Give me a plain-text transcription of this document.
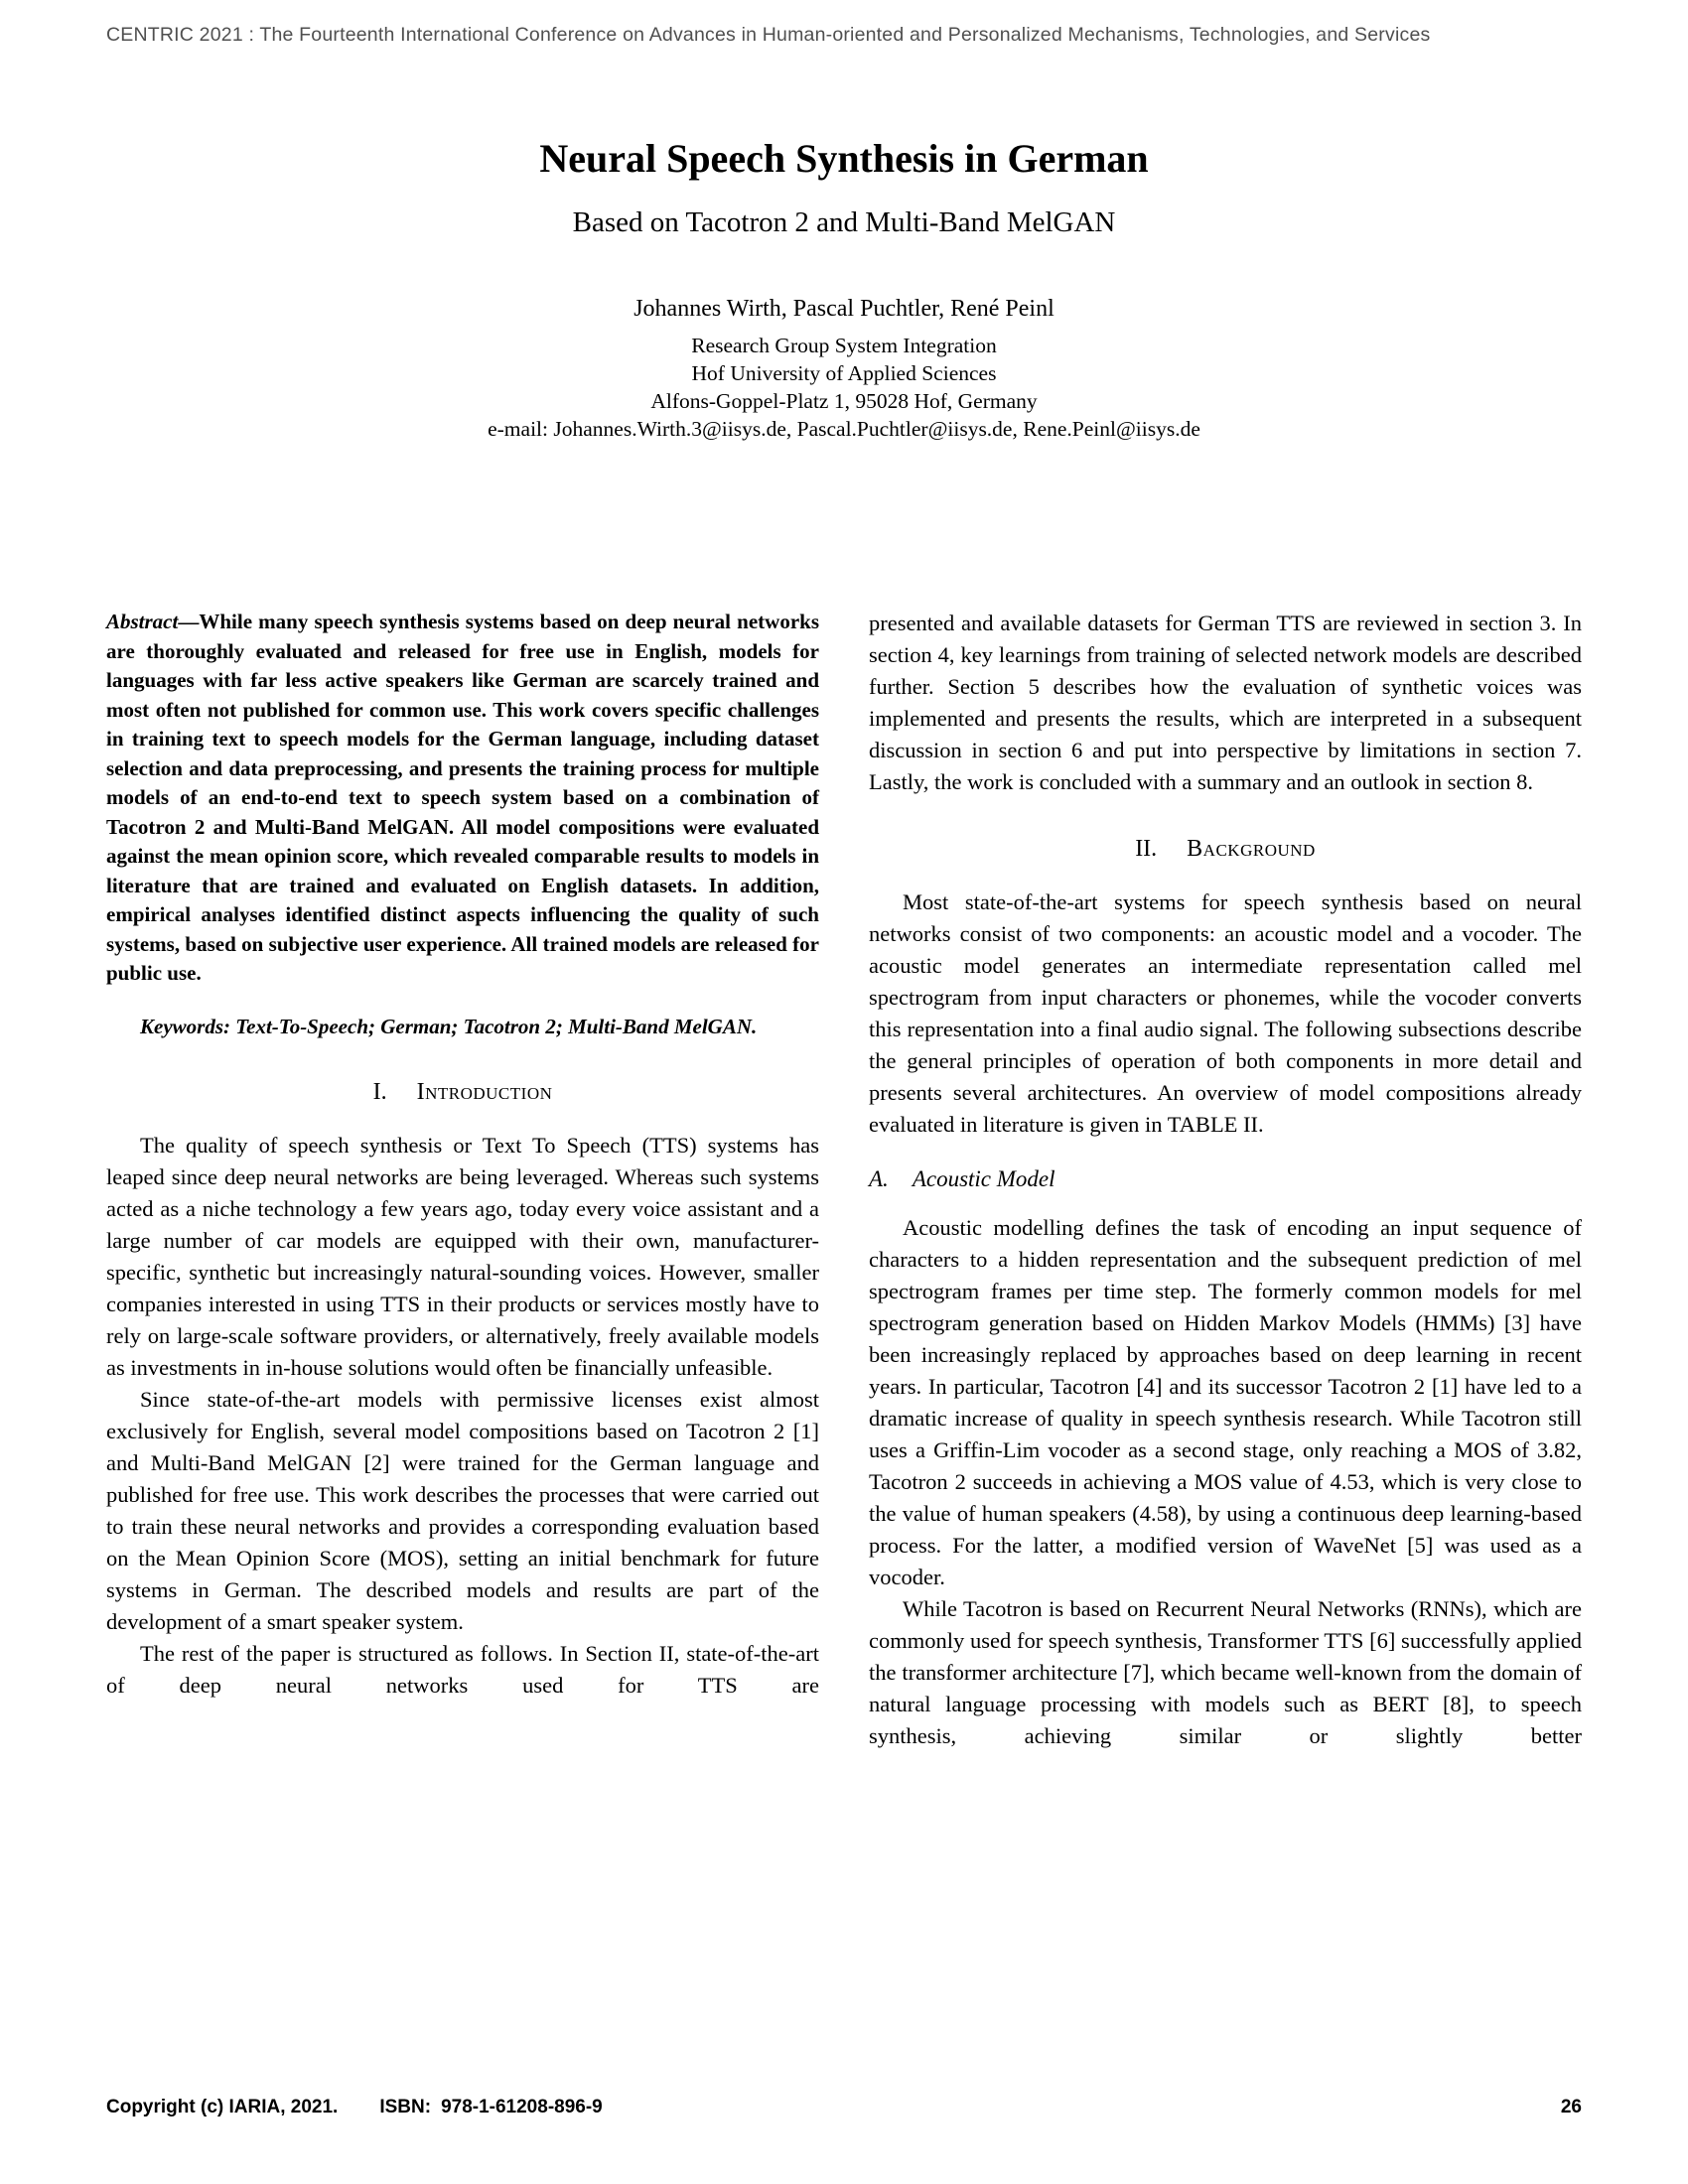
CENTRIC 2021 : The Fourteenth International Conference on Advances in Human-oriented and Personalized Mechanisms, Technologies, and Services
Neural Speech Synthesis in German
Based on Tacotron 2 and Multi-Band MelGAN
Johannes Wirth, Pascal Puchtler, René Peinl
Research Group System Integration
Hof University of Applied Sciences
Alfons-Goppel-Platz 1, 95028 Hof, Germany
e-mail: Johannes.Wirth.3@iisys.de, Pascal.Puchtler@iisys.de, Rene.Peinl@iisys.de

Abstract—While many speech synthesis systems based on deep neural networks are thoroughly evaluated and released for free use in English, models for languages with far less active speakers like German are scarcely trained and most often not published for common use. This work covers specific challenges in training text to speech models for the German language, including dataset selection and data preprocessing, and presents the training process for multiple models of an end-to-end text to speech system based on a combination of Tacotron 2 and Multi-Band MelGAN. All model compositions were evaluated against the mean opinion score, which revealed comparable results to models in literature that are trained and evaluated on English datasets. In addition, empirical analyses identified distinct aspects influencing the quality of such systems, based on subjective user experience. All trained models are released for public use.

Keywords: Text-To-Speech; German; Tacotron 2; Multi-Band MelGAN.

I. Introduction

The quality of speech synthesis or Text To Speech (TTS) systems has leaped since deep neural networks are being leveraged. Whereas such systems acted as a niche technology a few years ago, today every voice assistant and a large number of car models are equipped with their own, manufacturer-specific, synthetic but increasingly natural-sounding voices. However, smaller companies interested in using TTS in their products or services mostly have to rely on large-scale software providers, or alternatively, freely available models as investments in in-house solutions would often be financially unfeasible.

Since state-of-the-art models with permissive licenses exist almost exclusively for English, several model compositions based on Tacotron 2 [1] and Multi-Band MelGAN [2] were trained for the German language and published for free use. This work describes the processes that were carried out to train these neural networks and provides a corresponding evaluation based on the Mean Opinion Score (MOS), setting an initial benchmark for future systems in German. The described models and results are part of the development of a smart speaker system.

The rest of the paper is structured as follows. In Section II, state-of-the-art of deep neural networks used for TTS are

presented and available datasets for German TTS are reviewed in section 3. In section 4, key learnings from training of selected network models are described further. Section 5 describes how the evaluation of synthetic voices was implemented and presents the results, which are interpreted in a subsequent discussion in section 6 and put into perspective by limitations in section 7. Lastly, the work is concluded with a summary and an outlook in section 8.

II. Background

Most state-of-the-art systems for speech synthesis based on neural networks consist of two components: an acoustic model and a vocoder. The acoustic model generates an intermediate representation called mel spectrogram from input characters or phonemes, while the vocoder converts this representation into a final audio signal. The following subsections describe the general principles of operation of both components in more detail and presents several architectures. An overview of model compositions already evaluated in literature is given in TABLE II.

A. Acoustic Model

Acoustic modelling defines the task of encoding an input sequence of characters to a hidden representation and the subsequent prediction of mel spectrogram frames per time step. The formerly common models for mel spectrogram generation based on Hidden Markov Models (HMMs) [3] have been increasingly replaced by approaches based on deep learning in recent years. In particular, Tacotron [4] and its successor Tacotron 2 [1] have led to a dramatic increase of quality in speech synthesis research. While Tacotron still uses a Griffin-Lim vocoder as a second stage, only reaching a MOS of 3.82, Tacotron 2 succeeds in achieving a MOS value of 4.53, which is very close to the value of human speakers (4.58), by using a continuous deep learning-based process. For the latter, a modified version of WaveNet [5] was used as a vocoder.

While Tacotron is based on Recurrent Neural Networks (RNNs), which are commonly used for speech synthesis, Transformer TTS [6] successfully applied the transformer architecture [7], which became well-known from the domain of natural language processing with models such as BERT [8], to speech synthesis, achieving similar or slightly better

Copyright (c) IARIA, 2021. ISBN: 978-1-61208-896-9	26
